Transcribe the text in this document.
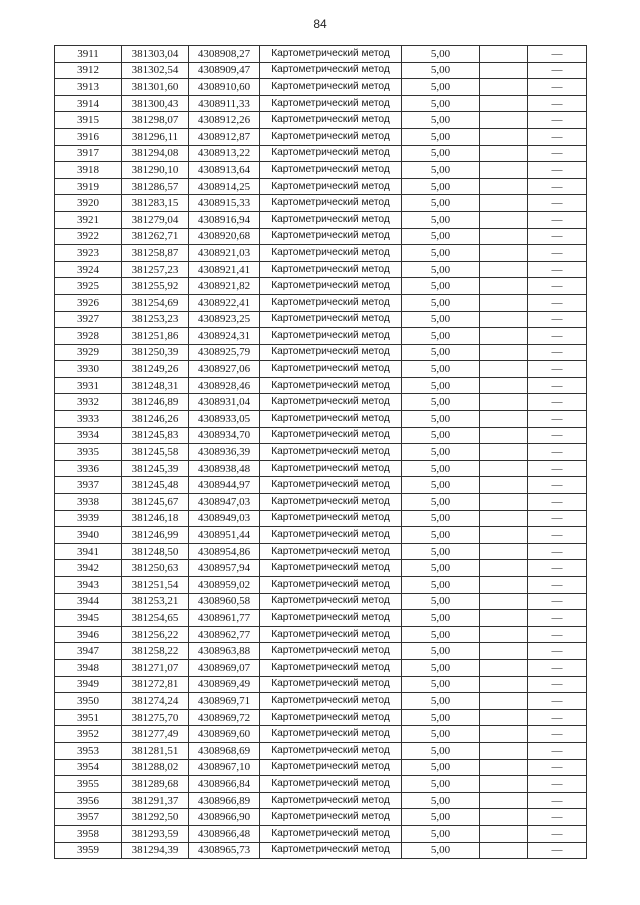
84
3911	381303,04	4308908,27	Картометрический метод	5,00		—
3912	381302,54	4308909,47	Картометрический метод	5,00		—
3913	381301,60	4308910,60	Картометрический метод	5,00		—
3914	381300,43	4308911,33	Картометрический метод	5,00		—
3915	381298,07	4308912,26	Картометрический метод	5,00		—
3916	381296,11	4308912,87	Картометрический метод	5,00		—
3917	381294,08	4308913,22	Картометрический метод	5,00		—
3918	381290,10	4308913,64	Картометрический метод	5,00		—
3919	381286,57	4308914,25	Картометрический метод	5,00		—
3920	381283,15	4308915,33	Картометрический метод	5,00		—
3921	381279,04	4308916,94	Картометрический метод	5,00		—
3922	381262,71	4308920,68	Картометрический метод	5,00		—
3923	381258,87	4308921,03	Картометрический метод	5,00		—
3924	381257,23	4308921,41	Картометрический метод	5,00		—
3925	381255,92	4308921,82	Картометрический метод	5,00		—
3926	381254,69	4308922,41	Картометрический метод	5,00		—
3927	381253,23	4308923,25	Картометрический метод	5,00		—
3928	381251,86	4308924,31	Картометрический метод	5,00		—
3929	381250,39	4308925,79	Картометрический метод	5,00		—
3930	381249,26	4308927,06	Картометрический метод	5,00		—
3931	381248,31	4308928,46	Картометрический метод	5,00		—
3932	381246,89	4308931,04	Картометрический метод	5,00		—
3933	381246,26	4308933,05	Картометрический метод	5,00		—
3934	381245,83	4308934,70	Картометрический метод	5,00		—
3935	381245,58	4308936,39	Картометрический метод	5,00		—
3936	381245,39	4308938,48	Картометрический метод	5,00		—
3937	381245,48	4308944,97	Картометрический метод	5,00		—
3938	381245,67	4308947,03	Картометрический метод	5,00		—
3939	381246,18	4308949,03	Картометрический метод	5,00		—
3940	381246,99	4308951,44	Картометрический метод	5,00		—
3941	381248,50	4308954,86	Картометрический метод	5,00		—
3942	381250,63	4308957,94	Картометрический метод	5,00		—
3943	381251,54	4308959,02	Картометрический метод	5,00		—
3944	381253,21	4308960,58	Картометрический метод	5,00		—
3945	381254,65	4308961,77	Картометрический метод	5,00		—
3946	381256,22	4308962,77	Картометрический метод	5,00		—
3947	381258,22	4308963,88	Картометрический метод	5,00		—
3948	381271,07	4308969,07	Картометрический метод	5,00		—
3949	381272,81	4308969,49	Картометрический метод	5,00		—
3950	381274,24	4308969,71	Картометрический метод	5,00		—
3951	381275,70	4308969,72	Картометрический метод	5,00		—
3952	381277,49	4308969,60	Картометрический метод	5,00		—
3953	381281,51	4308968,69	Картометрический метод	5,00		—
3954	381288,02	4308967,10	Картометрический метод	5,00		—
3955	381289,68	4308966,84	Картометрический метод	5,00		—
3956	381291,37	4308966,89	Картометрический метод	5,00		—
3957	381292,50	4308966,90	Картометрический метод	5,00		—
3958	381293,59	4308966,48	Картометрический метод	5,00		—
3959	381294,39	4308965,73	Картометрический метод	5,00		—
